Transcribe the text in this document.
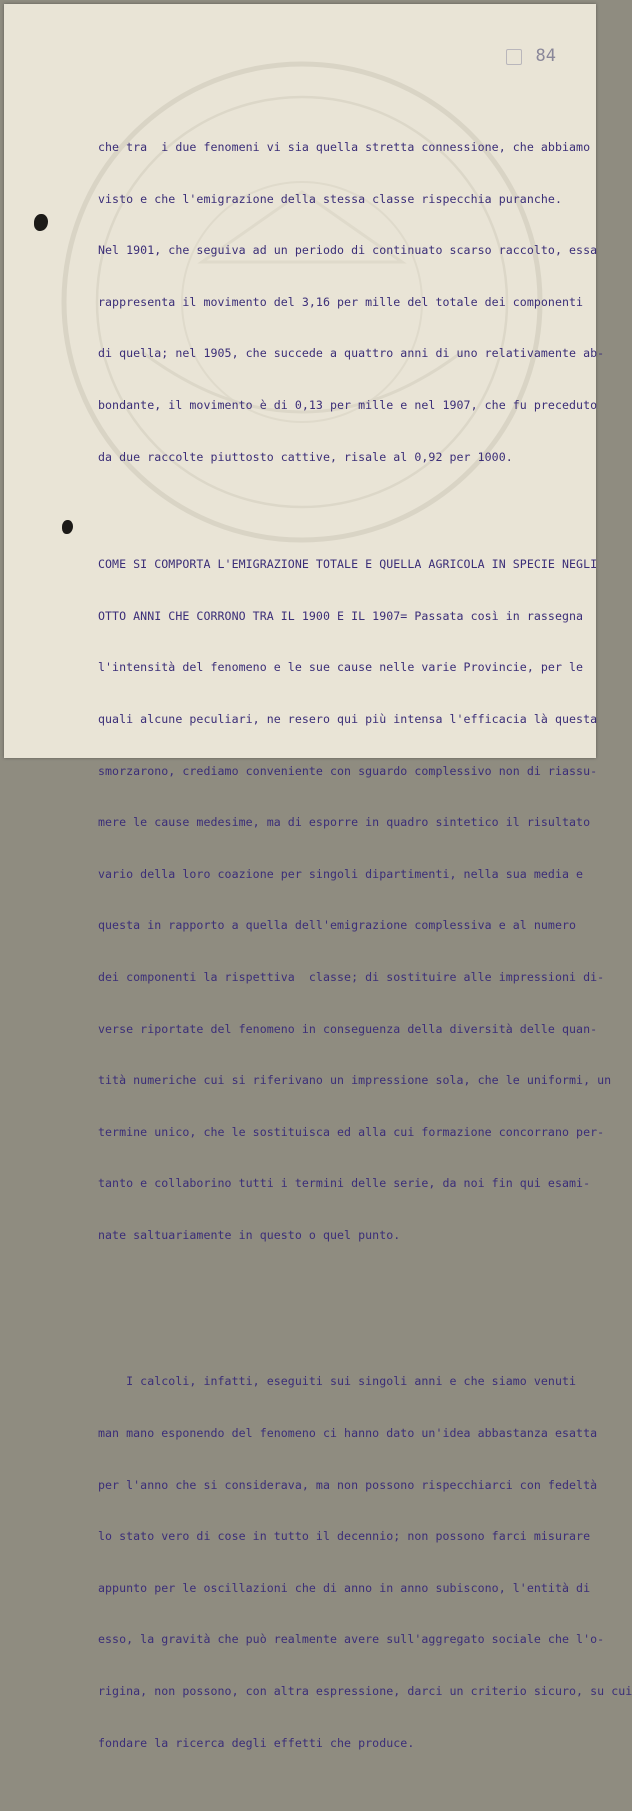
84

che tra  i due fenomeni vi sia quella stretta connessione, che abbiamo

visto e che l'emigrazione della stessa classe rispecchia puranche.

Nel 1901, che seguiva ad un periodo di continuato scarso raccolto, essa

rappresenta il movimento del 3,16 per mille del totale dei componenti

di quella; nel 1905, che succede a quattro anni di uno relativamente ab-

bondante, il movimento è di 0,13 per mille e nel 1907, che fu preceduto

da due raccolte piuttosto cattive, risale al 0,92 per 1000.

COME SI COMPORTA L'EMIGRAZIONE TOTALE E QUELLA AGRICOLA IN SPECIE NEGLI

OTTO ANNI CHE CORRONO TRA IL 1900 E IL 1907= Passata così in rassegna

l'intensità del fenomeno e le sue cause nelle varie Provincie, per le

quali alcune peculiari, ne resero qui più intensa l'efficacia là questa

smorzarono, crediamo conveniente con sguardo complessivo non di riassu-

mere le cause medesime, ma di esporre in quadro sintetico il risultato

vario della loro coazione per singoli dipartimenti, nella sua media e

questa in rapporto a quella dell'emigrazione complessiva e al numero

dei componenti la rispettiva  classe; di sostituire alle impressioni di-

verse riportate del fenomeno in conseguenza della diversità delle quan-

tità numeriche cui si riferivano un impressione sola, che le uniformi, un

termine unico, che le sostituisca ed alla cui formazione concorrano per-

tanto e collaborino tutti i termini delle serie, da noi fin qui esami-

nate saltuariamente in questo o quel punto.

I calcoli, infatti, eseguiti sui singoli anni e che siamo venuti

man mano esponendo del fenomeno ci hanno dato un'idea abbastanza esatta

per l'anno che si considerava, ma non possono rispecchiarci con fedeltà

lo stato vero di cose in tutto il decennio; non possono farci misurare

appunto per le oscillazioni che di anno in anno subiscono, l'entità di

esso, la gravità che può realmente avere sull'aggregato sociale che l'o-

rigina, non possono, con altra espressione, darci un criterio sicuro, su cui

fondare la ricerca degli effetti che produce.
